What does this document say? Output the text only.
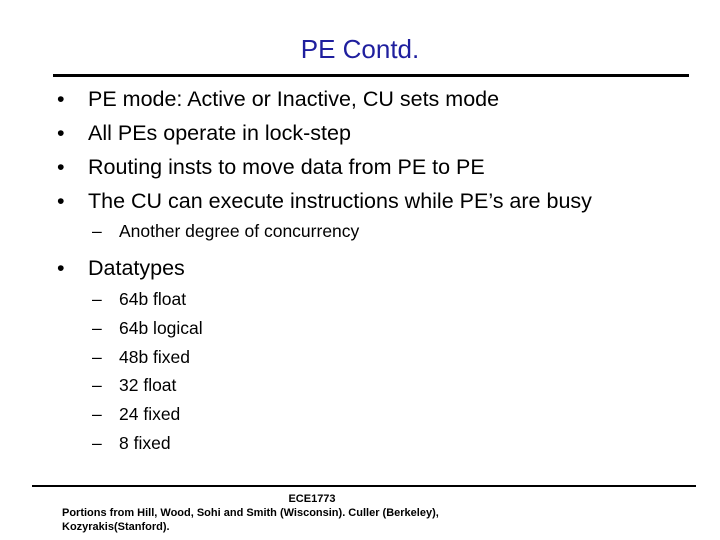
PE Contd.
• PE mode: Active or Inactive, CU sets mode
• All PEs operate in lock-step
• Routing insts to move data from PE to PE
• The CU can execute instructions while PE’s are busy
– Another degree of concurrency
• Datatypes
– 64b float
– 64b logical
– 48b fixed
– 32 float
– 24 fixed
– 8 fixed
ECE1773
Portions from Hill, Wood, Sohi and Smith (Wisconsin). Culler (Berkeley),
Kozyrakis(Stanford).
